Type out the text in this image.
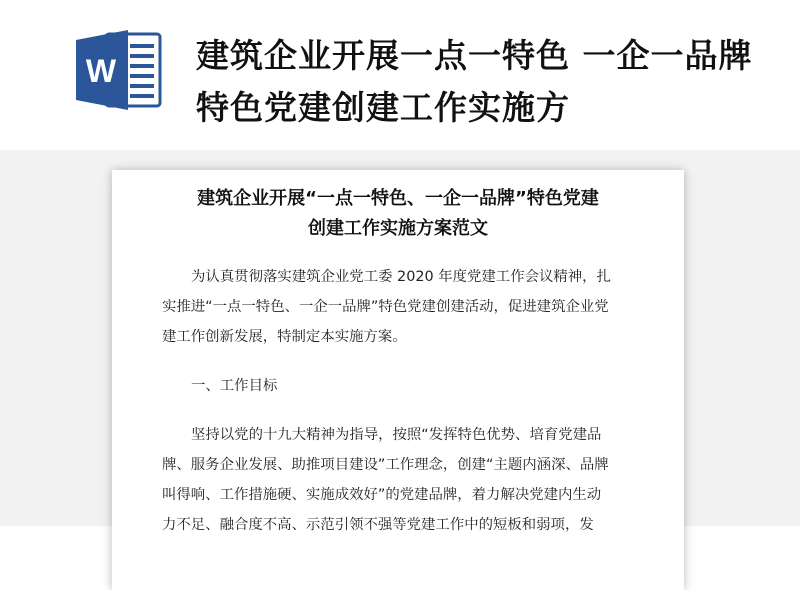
W 建筑企业开展一点一特色 一企一品牌特色党建创建工作实施方
建筑企业开展“一点一特色、一企一品牌”特色党建
创建工作实施方案范文

为认真贯彻落实建筑企业党工委 2020 年度党建工作会议精神，扎
实推进“一点一特色、一企一品牌”特色党建创建活动，促进建筑企业党
建工作创新发展，特制定本实施方案。

一、工作目标

坚持以党的十九大精神为指导，按照“发挥特色优势、培育党建品
牌、服务企业发展、助推项目建设”工作理念，创建“主题内涵深、品牌
叫得响、工作措施硬、实施成效好”的党建品牌，着力解决党建内生动
力不足、融合度不高、示范引领不强等党建工作中的短板和弱项，发
